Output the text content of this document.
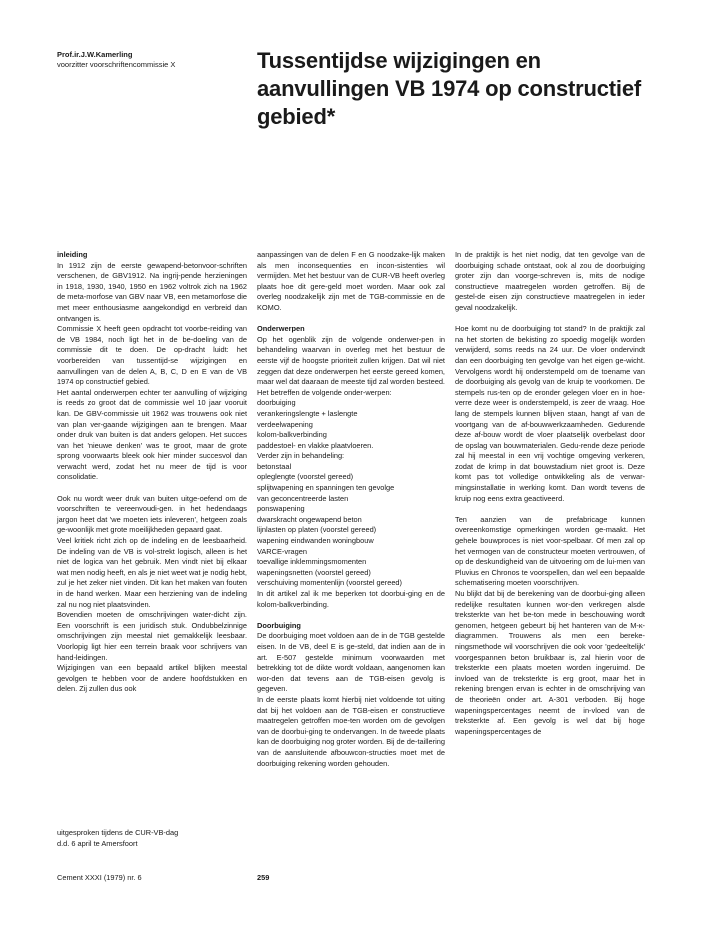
Prof.ir.J.W.Kamerling
voorzitter voorschriftencommissie X	Tussentijdse wijzigingen en aanvullingen VB 1974 op constructief gebied*
inleiding

In 1912 zijn de eerste gewapend-betonvoor-schriften verschenen, de GBV1912. Na ingrij-pende herzieningen in 1918, 1930, 1940, 1950 en 1962 voltrok zich na 1962 de meta-morfose van GBV naar VB, een metamorfose die met meer enthousiasme aangekondigd en verbreid dan ontvangen is.

Commissie X heeft geen opdracht tot voorbe-reiding van de VB 1984, noch ligt het in de be-doeling van de commissie dit te doen. De op-dracht luidt: het voorbereiden van tussentijd-se wijzigingen en aanvullingen van de delen A, B, C, D en E van de VB 1974 op constructief gebied.

Het aantal onderwerpen echter ter aanvulling of wijziging is reeds zo groot dat de commissie wel 10 jaar vooruit kan. De GBV-commissie uit 1962 was trouwens ook niet van plan ver-gaande wijzigingen aan te brengen. Maar onder druk van buiten is dat anders gelopen. Het succes van het 'nieuwe denken' was te groot, maar de grote sprong voorwaarts bleek ook hier minder succesvol dan verwacht werd, zodat het nu meer de tijd is voor consolidatie.

Ook nu wordt weer druk van buiten uitge-oefend om de voorschriften te vereenvoudi-gen. in het hedendaags jargon heet dat 'we moeten iets inleveren', hetgeen zoals ge-woonlijk met grote moeilijkheden gepaard gaat.

Veel kritiek richt zich op de indeling en de leesbaarheid. De indeling van de VB is vol-strekt logisch, alleen is het niet de logica van het gebruik. Men vindt niet bij elkaar wat men nodig heeft, en als je niet weet wat je nodig hebt, zul je het zeker niet vinden. Dit kan het maken van fouten in de hand werken. Maar een herziening van de indeling zal nu nog niet plaatsvinden.

Bovendien moeten de omschrijvingen water-dicht zijn. Een voorschrift is een juridisch stuk. Ondubbelzinnige omschrijvingen zijn meestal niet gemakkelijk leesbaar. Voorlopig ligt hier een terrein braak voor schrijvers van hand-leidingen.

Wijzigingen van een bepaald artikel blijken meestal gevolgen te hebben voor de andere hoofdstukken en delen. Zij zullen dus ook

uitgesproken tijdens de CUR-VB-dag
d.d. 6 april te Amersfoort

aanpassingen van de delen F en G noodzake-lijk maken als men inconsequenties en incon-sistenties wil vermijden. Met het bestuur van de CUR-VB heeft overleg plaats hoe dit gere-geld moet worden. Maar ook zal overleg noodzakelijk zijn met de TGB-commissie en de KOMO.

Onderwerpen

Op het ogenblik zijn de volgende onderwer-pen in behandeling waarvan in overleg met het bestuur de eerste vijf de hoogste prioriteit zullen krijgen. Dat wil niet zeggen dat deze onderwerpen het eerste gereed komen, maar wel dat daaraan de meeste tijd zal worden besteed. Het betreffen de volgende onder-werpen:

doorbuiging
verankeringslengte + laslengte
verdeelwapening
kolom-balkverbinding
paddestoel- en vlakke plaatvloeren.
Verder zijn in behandeling:
betonstaal
opleglengte (voorstel gereed)
splijtwapening en spanningen ten gevolge
van geconcentreerde lasten
ponswapening
dwarskracht ongewapend beton
lijnlasten op platen (voorstel gereed)
wapening eindwanden woningbouw
VARCE-vragen
toevallige inklemmingsmomenten
wapeningsnetten (voorstel gereed)
verschuiving momentenlijn (voorstel gereed)

In dit artikel zal ik me beperken tot doorbui-ging en de kolom-balkverbinding.

Doorbuiging

De doorbuiging moet voldoen aan de in de TGB gestelde eisen. In de VB, deel E is ge-steld, dat indien aan de in art. E-507 gestelde minimum voorwaarden met betrekking tot de dikte wordt voldaan, aangenomen kan wor-den dat tevens aan de TGB-eisen gevolg is gegeven.

In de eerste plaats komt hierbij niet voldoende tot uiting dat bij het voldoen aan de TGB-eisen er constructieve maatregelen getroffen moe-ten worden om de gevolgen van de doorbui-ging te ondervangen. In de tweede plaats kan de doorbuiging nog groter worden. Bij de de-taillering van de aansluitende afbouwcon-structies moet met de doorbuiging rekening worden gehouden.

In de praktijk is het niet nodig, dat ten gevolge van de doorbuiging schade ontstaat, ook al zou de doorbuiging groter zijn dan voorge-schreven is, mits de nodige constructieve maatregelen worden getroffen. Bij de gestel-de eisen zijn constructieve maatregelen in ieder geval noodzakelijk.

Hoe komt nu de doorbuiging tot stand? In de praktijk zal na het storten de bekisting zo spoedig mogelijk worden verwijderd, soms reeds na 24 uur. De vloer ondervindt dan een doorbuiging ten gevolge van het eigen ge-wicht. Vervolgens wordt hij onderstempeld om de toename van de doorbuiging als gevolg van de kruip te voorkomen. De stempels rus-ten op de eronder gelegen vloer en in hoe-verre deze weer is onderstempeld, is zeer de vraag. Hoe lang de stempels kunnen blijven staan, hangt af van de voortgang van de af-bouwwerkzaamheden. Gedurende deze af-bouw wordt de vloer plaatselijk overbelast door de opslag van bouwmaterialen. Gedu-rende deze periode zal hij meestal in een vrij vochtige omgeving verkeren, zodat de krimp in dat bouwstadium niet groot is. Deze komt pas tot volledige ontwikkeling als de verwar-mingsinstallatie in werking komt. Dan wordt tevens de kruip nog eens extra geactiveerd.

Ten aanzien van de prefabricage kunnen overeenkomstige opmerkingen worden ge-maakt. Het gehele bouwproces is niet voor-spelbaar. Of men zal op het vermogen van de constructeur moeten vertrouwen, of op de deskundigheid van de uitvoering om de lui-men van Pluvius en Chronos te voorspellen, dan wel een bepaalde schematisering moeten voorschrijven.

Nu blijkt dat bij de berekening van de doorbui-ging alleen redelijke resultaten kunnen wor-den verkregen alsde treksterkte van het be-ton mede in beschouwing wordt genomen, hetgeen gebeurt bij het hanteren van de M-κ-diagrammen. Trouwens als men een bereke-ningsmethode wil voorschrijven die ook voor 'gedeeltelijk' voorgespannen beton bruikbaar is, zal hierin voor de treksterkte een plaats moeten worden ingeruimd. De invloed van de treksterkte is erg groot, maar het in rekening brengen ervan is echter in de omschrijving van de theorieën onder art. A-301 verboden. Bij hoge wapeningspercentages neemt de in-vloed van de treksterkte af. Een gevolg is wel dat bij hoge wapeningspercentages de

Cement XXXI (1979) nr. 6	259
